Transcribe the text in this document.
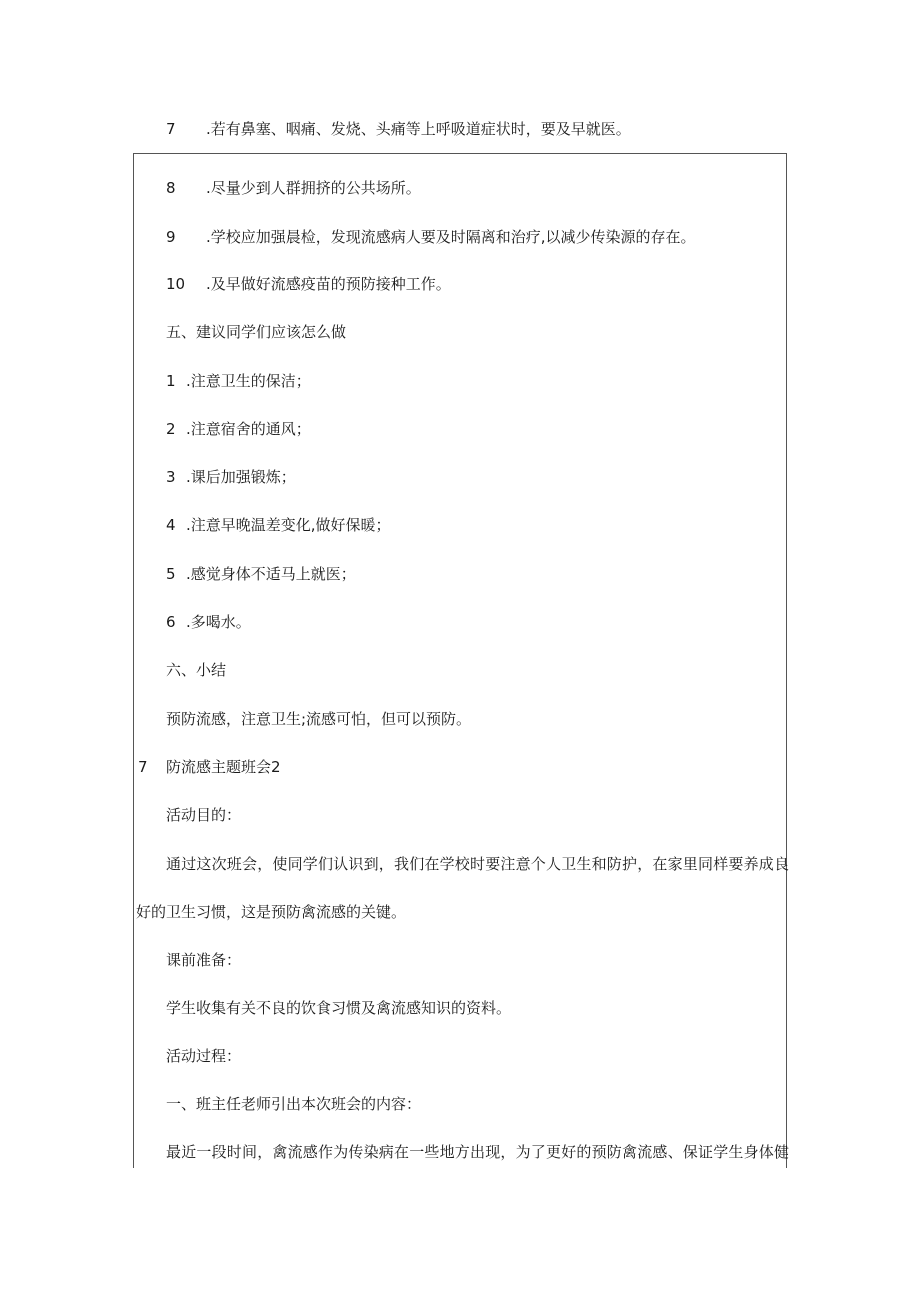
7 .若有鼻塞、咽痛、发烧、头痛等上呼吸道症状时，要及早就医。
8 .尽量少到人群拥挤的公共场所。
9 .学校应加强晨检，发现流感病人要及时隔离和治疗,以减少传染源的存在。
10 .及早做好流感疫苗的预防接种工作。
五、建议同学们应该怎么做
1 .注意卫生的保洁；
2 .注意宿舍的通风；
3 .课后加强锻炼；
4 .注意早晚温差变化,做好保暖；
5 .感觉身体不适马上就医；
6 .多喝水。
六、小结
预防流感，注意卫生;流感可怕，但可以预防。
7 防流感主题班会2
活动目的：
通过这次班会，使同学们认识到，我们在学校时要注意个人卫生和防护，在家里同样要养成良
好的卫生习惯，这是预防禽流感的关键。
课前准备：
学生收集有关不良的饮食习惯及禽流感知识的资料。
活动过程：
一、班主任老师引出本次班会的内容：
最近一段时间，禽流感作为传染病在一些地方出现，为了更好的预防禽流感、保证学生身体健
